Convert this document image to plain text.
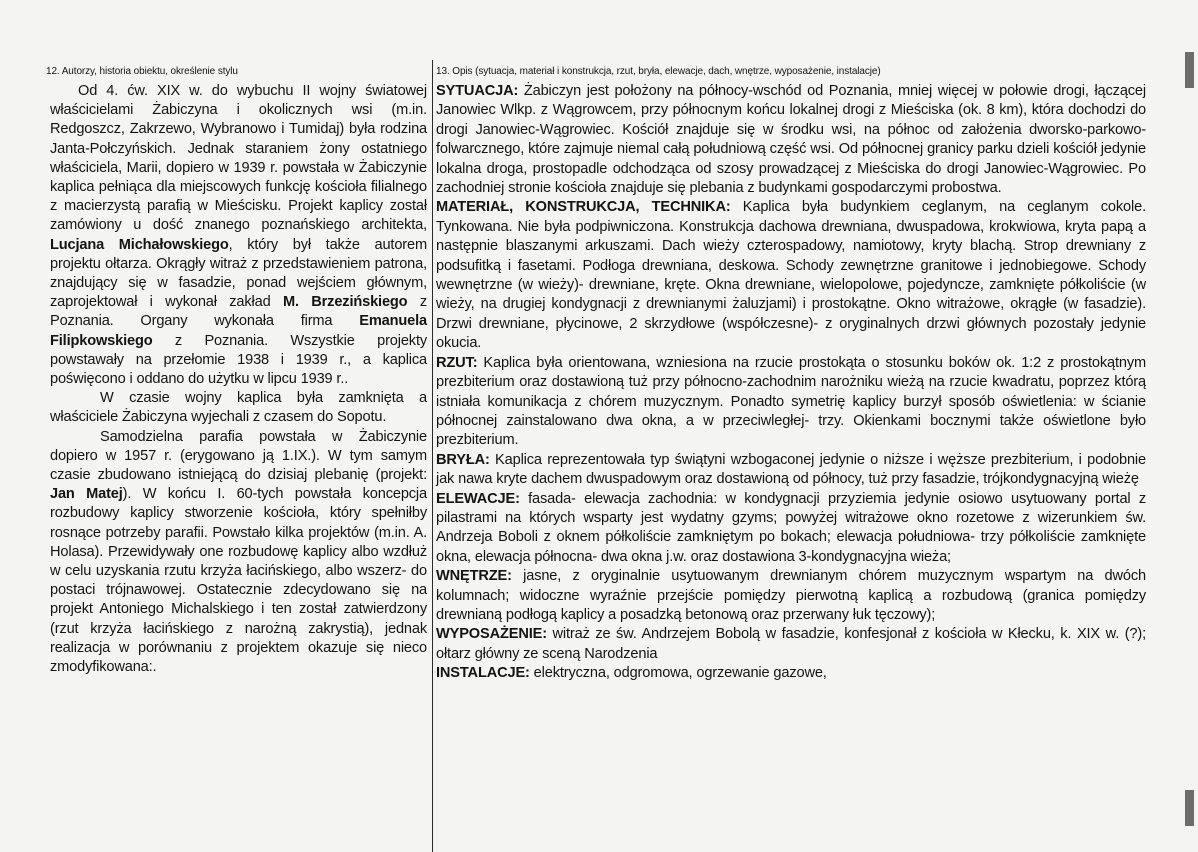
12. Autorzy, historia obiektu, określenie stylu

Od 4. ćw. XIX w. do wybuchu II wojny światowej właścicielami Żabiczyna i okolicznych wsi (m.in. Redgoszcz, Zakrzewo, Wybranowo i Tumidaj) była rodzina Janta-Połczyńskich. Jednak staraniem żony ostatniego właściciela, Marii, dopiero w 1939 r. powstała w Żabiczynie kaplica pełniąca dla miejscowych funkcję kościoła filialnego z macierzystą parafią w Mieścisku. Projekt kaplicy został zamówiony u dość znanego poznańskiego architekta, Lucjana Michałowskiego, który był także autorem projektu ołtarza. Okrągły witraż z przedstawieniem patrona, znajdujący się w fasadzie, ponad wejściem głównym, zaprojektował i wykonał zakład M. Brzezińskiego z Poznania. Organy wykonała firma Emanuela Filipkowskiego z Poznania. Wszystkie projekty powstawały na przełomie 1938 i 1939 r., a kaplica poświęcono i oddano do użytku w lipcu 1939 r..

W czasie wojny kaplica była zamknięta a właściciele Żabiczyna wyjechali z czasem do Sopotu.

Samodzielna parafia powstała w Żabiczynie dopiero w 1957 r. (erygowano ją 1.IX.). W tym samym czasie zbudowano istniejącą do dzisiaj plebanię (projekt: Jan Matej). W końcu I. 60-tych powstała koncepcja rozbudowy kaplicy stworzenie kościoła, który spełniłby rosnące potrzeby parafii. Powstało kilka projektów (m.in. A. Holasa). Przewidywały one rozbudowę kaplicy albo wzdłuż w celu uzyskania rzutu krzyża łacińskiego, albo wszerz- do postaci trójnawowej. Ostatecznie zdecydowano się na projekt Antoniego Michalskiego i ten został zatwierdzony (rzut krzyża łacińskiego z narożną zakrystią), jednak realizacja w porównaniu z projektem okazuje się nieco zmodyfikowana:.

13. Opis (sytuacja, materiał i konstrukcja, rzut, bryła, elewacje, dach, wnętrze, wyposażenie, instalacje)

SYTUACJA: Żabiczyn jest położony na północy-wschód od Poznania, mniej więcej w połowie drogi, łączącej Janowiec Wlkp. z Wągrowcem, przy północnym końcu lokalnej drogi z Mieściska (ok. 8 km), która dochodzi do drogi Janowiec-Wągrowiec. Kościół znajduje się w środku wsi, na północ od założenia dworsko-parkowo-folwarcznego, które zajmuje niemal całą południową część wsi. Od północnej granicy parku dzieli kościół jedynie lokalna droga, prostopadle odchodząca od szosy prowadzącej z Mieściska do drogi Janowiec-Wągrowiec. Po zachodniej stronie kościoła znajduje się plebania z budynkami gospodarczymi probostwa.

MATERIAŁ, KONSTRUKCJA, TECHNIKA: Kaplica była budynkiem ceglanym, na ceglanym cokole. Tynkowana. Nie była podpiwniczona. Konstrukcja dachowa drewniana, dwuspadowa, krokwiowa, kryta papą a następnie blaszanymi arkuszami. Dach wieży czterospadowy, namiotowy, kryty blachą. Strop drewniany z podsufitką i fasetami. Podłoga drewniana, deskowa. Schody zewnętrzne granitowe i jednobiegowe. Schody wewnętrzne (w wieży)- drewniane, kręte. Okna drewniane, wielopolowe, pojedyncze, zamknięte półkoliście (w wieży, na drugiej kondygnacji z drewnianymi żaluzjami) i prostokątne. Okno witrażowe, okrągłe (w fasadzie). Drzwi drewniane, płycinowe, 2 skrzydłowe (współczesne)- z oryginalnych drzwi głównych pozostały jedynie okucia.

RZUT: Kaplica była orientowana, wzniesiona na rzucie prostokąta o stosunku boków ok. 1:2 z prostokątnym prezbiterium oraz dostawioną tuż przy północno-zachodnim narożniku wieżą na rzucie kwadratu, poprzez którą istniała komunikacja z chórem muzycznym. Ponadto symetrię kaplicy burzył sposób oświetlenia: w ścianie północnej zainstalowano dwa okna, a w przeciwległej- trzy. Okienkami bocznymi także oświetlone było prezbiterium.

BRYŁA: Kaplica reprezentowała typ świątyni wzbogaconej jedynie o niższe i węższe prezbiterium, i podobnie jak nawa kryte dachem dwuspadowym oraz dostawioną od północy, tuż przy fasadzie, trójkondygnacyjną wieżę

ELEWACJE: fasada- elewacja zachodnia: w kondygnacji przyziemia jedynie osiowo usytuowany portal z pilastrami na których wsparty jest wydatny gzyms; powyżej witrażowe okno rozetowe z wizerunkiem św. Andrzeja Boboli z oknem półkoliście zamkniętym po bokach; elewacja południowa- trzy półkoliście zamknięte okna, elewacja północna- dwa okna j.w. oraz dostawiona 3-kondygnacyjna wieża;

WNĘTRZE: jasne, z oryginalnie usytuowanym drewnianym chórem muzycznym wspartym na dwóch kolumnach; widoczne wyraźnie przejście pomiędzy pierwotną kaplicą a rozbudową (granica pomiędzy drewnianą podłogą kaplicy a posadzką betonową oraz przerwany łuk tęczowy);

WYPOSAŻENIE: witraż ze św. Andrzejem Bobolą w fasadzie, konfesjonał z kościoła w Kłecku, k. XIX w. (?); ołtarz główny ze sceną Narodzenia

INSTALACJE: elektryczna, odgromowa, ogrzewanie gazowe,
